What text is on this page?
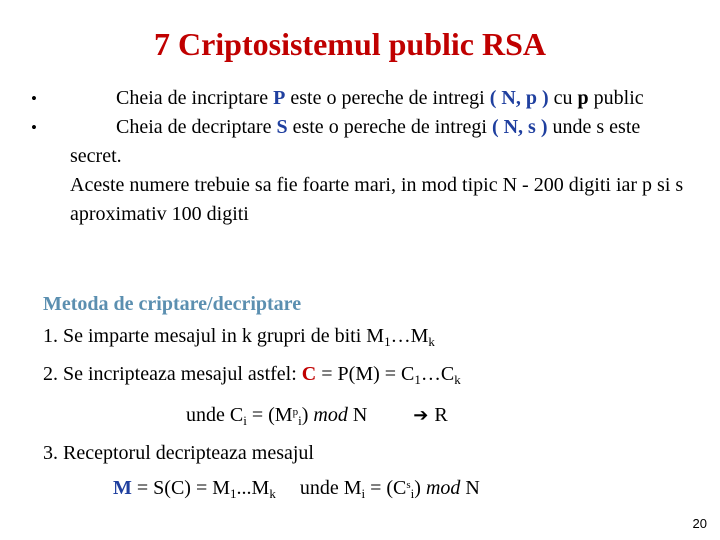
7 Criptosistemul public RSA
•	Cheia de incriptare P este o pereche de intregi ( N, p ) cu p public
•	Cheia de decriptare S este o pereche de intregi ( N, s ) unde s este secret.
Aceste numere trebuie sa fie foarte mari, in mod tipic N - 200 digiti iar p si s aproximativ 100 digiti
Metoda de criptare/decriptare
1. Se imparte mesajul in k grupri de biti $M_1\dots M_k$
2. Se incripteaza mesajul astfel: $C = P(M) = C_1\dots C_k$
unde $C_i = (M^p_i)$ mod N	➔ R
3. Receptorul decripteaza mesajul
$M = S(C) = M_1...M_k$ unde $M_i = (C^s_i)$ mod N
20
